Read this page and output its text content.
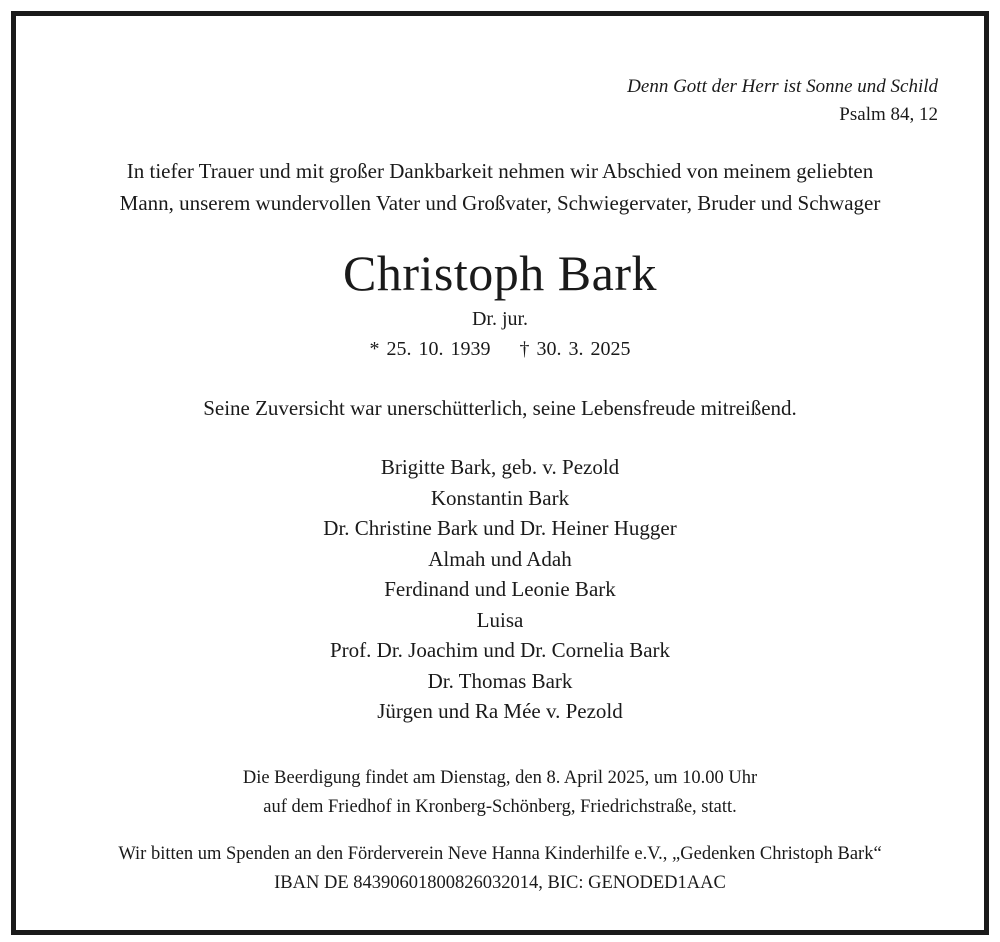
Denn Gott der Herr ist Sonne und Schild
Psalm 84, 12
In tiefer Trauer und mit großer Dankbarkeit nehmen wir Abschied von meinem geliebten
Mann, unserem wundervollen Vater und Großvater, Schwiegervater, Bruder und Schwager
Christoph Bark
Dr. jur.
* 25. 10. 1939 † 30. 3. 2025
Seine Zuversicht war unerschütterlich, seine Lebensfreude mitreißend.
Brigitte Bark, geb. v. Pezold
Konstantin Bark
Dr. Christine Bark und Dr. Heiner Hugger
Almah und Adah
Ferdinand und Leonie Bark
Luisa
Prof. Dr. Joachim und Dr. Cornelia Bark
Dr. Thomas Bark
Jürgen und Ra Mée v. Pezold
Die Beerdigung findet am Dienstag, den 8. April 2025, um 10.00 Uhr
auf dem Friedhof in Kronberg-Schönberg, Friedrichstraße, statt.
Wir bitten um Spenden an den Förderverein Neve Hanna Kinderhilfe e.V., „Gedenken Christoph Bark“
IBAN DE 84390601800826032014, BIC: GENODED1AAC
